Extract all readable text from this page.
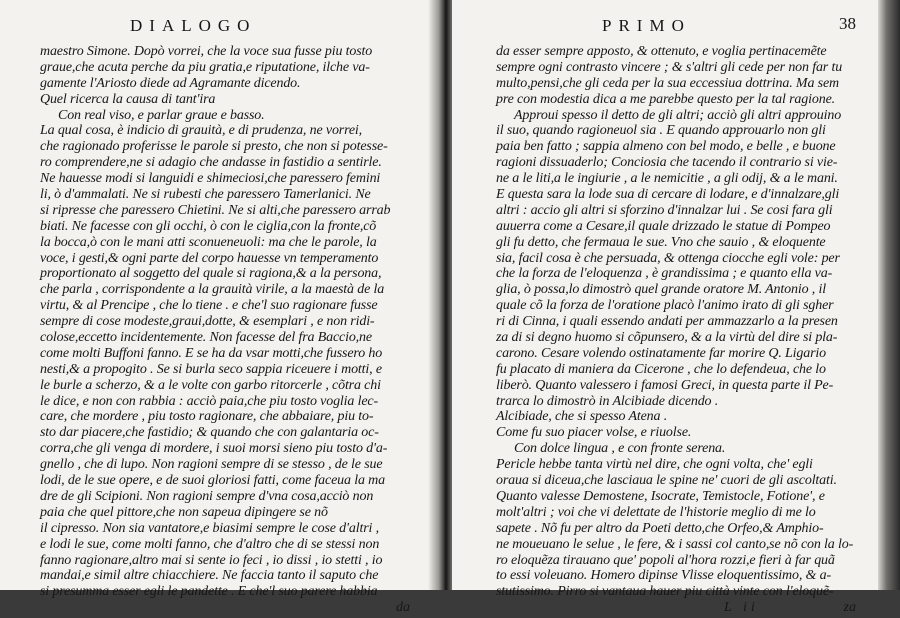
DIALOGO
maestro Simone. Dopò vorrei, che la voce sua fusse piu tosto
graue,che acuta perche da piu gratia,e riputatione, ilche va-
gamente l'Ariosto diede ad Agramante dicendo.
Quel ricerca la causa di tant'ira
Con real viso, e parlar graue e basso.
La qual cosa, è indicio di grauità, e di prudenza, ne vorrei,
che ragionado proferisse le parole si presto, che non si potesse-
ro comprendere,ne si adagio che andasse in fastidio a sentirle.
Ne hauesse modi si languidi e shimeciosi,che paressero femini
li, ò d'ammalati. Ne si rubesti che paressero Tamerlanici. Ne
si ripresse che paressero Chietini. Ne si alti,che paressero arrab
biati. Ne facesse con gli occhi, ò con le ciglia,con la fronte,cõ
la bocca,ò con le mani atti sconueneuoli: ma che le parole, la
voce, i gesti,& ogni parte del corpo hauesse vn temperamento
proportionato al soggetto del quale si ragiona,& a la persona,
che parla , corrispondente a la grauità virile, a la maestà de la
virtu, & al Prencipe , che lo tiene . e che'l suo ragionare fusse
sempre di cose modeste,graui,dotte, & esemplari , e non ridi-
colose,eccetto incidentemente. Non facesse del fra Baccio,ne
come molti Buffoni fanno. E se ha da vsar motti,che fussero ho
nesti,& a propogito . Se si burla seco sappia riceuere i motti, e
le burle a scherzo, & a le volte con garbo ritorcerle , cõtra chi
le dice, e non con rabbia : acciò paia,che piu tosto voglia lec-
care, che mordere , piu tosto ragionare, che abbaiare, piu to-
sto dar piacere,che fastidio; & quando che con galantaria oc-
corra,che gli venga di mordere, i suoi morsi sieno piu tosto d'a-
gnello , che di lupo. Non ragioni sempre di se stesso , de le sue
lodi, de le sue opere, e de suoi gloriosi fatti, come faceua la ma
dre de gli Scipioni. Non ragioni sempre d'vna cosa,acciò non
paia che quel pittore,che non sapeua dipingere se nõ
il cipresso. Non sia vantatore,e biasimi sempre le cose d'altri ,
e lodi le sue, come molti fanno, che d'altro che di se stessi non
fanno ragionare,altro mai si sente io feci , io dissi , io stetti , io
mandai,e simil altre chiacchiere. Ne faccia tanto il saputo che
si presumma esser egli le pandette . E che'l suo parere habbia
da
PRIMO	38
da esser sempre apposto, & ottenuto, e voglia pertinacemẽte
sempre ogni contrasto vincere ; & s'altri gli cede per non far tu
multo,pensi,che gli ceda per la sua eccessiua dottrina. Ma sem
pre con modestia dica a me parebbe questo per la tal ragione.
Approui spesso il detto de gli altri; acciò gli altri approuino
il suo, quando ragioneuol sia . E quando approuarlo non gli
paia ben fatto ; sappia almeno con bel modo, e belle , e buone
ragioni dissuaderlo; Conciosia che tacendo il contrario si vie-
ne a le liti,a le ingiurie , a le nemicitie , a gli odij, & a le mani.
E questa sara la lode sua di cercare di lodare, e d'innalzare,gli
altri : accio gli altri si sforzino d'innalzar lui . Se cosi fara gli
auuerra come a Cesare,il quale drizzado le statue di Pompeo
gli fu detto, che fermaua le sue. Vno che sauio , & eloquente
sia, facil cosa è che persuada, & ottenga ciocche egli vole: per
che la forza de l'eloquenza , è grandissima ; e quanto ella va-
glia, ò possa,lo dimostrò quel grande oratore M. Antonio , il
quale cõ la forza de l'oratione placò l'animo irato di gli sgher
ri di Cinna, i quali essendo andati per ammazzarlo a la presen
za di si degno huomo si cõpunsero, & a la virtù del dire si pla-
carono. Cesare volendo ostinatamente far morire Q. Ligario
fu placato di maniera da Cicerone , che lo defendeua, che lo
liberò. Quanto valessero i famosi Greci, in questa parte il Pe-
trarca lo dimostrò in Alcibiade dicendo .
Alcibiade, che si spesso Atena .
Come fu suo piacer volse, e riuolse.
Con dolce lingua , e con fronte serena.
Pericle hebbe tanta virtù nel dire, che ogni volta, che' egli
oraua si diceua,che lasciaua le spine ne' cuori de gli ascoltati.
Quanto valesse Demostene, Isocrate, Temistocle, Fotione', e
molt'altri ; voi che vi delettate de l'historie meglio di me lo
sapete . Nõ fu per altro da Poeti detto,che Orfeo,& Amphio-
ne moueuano le selue , le fere, & i sassi col canto,se nõ con la lo-
ro eloquẽza tirauano que' popoli al'hora rozzi,e fieri à far quã
to essi voleuano. Homero dipinse Vlisse eloquentissimo, & a-
stutissimo. Pirro si vantaua hauer piu città vinte con l'eloquẽ-
L ii	za
